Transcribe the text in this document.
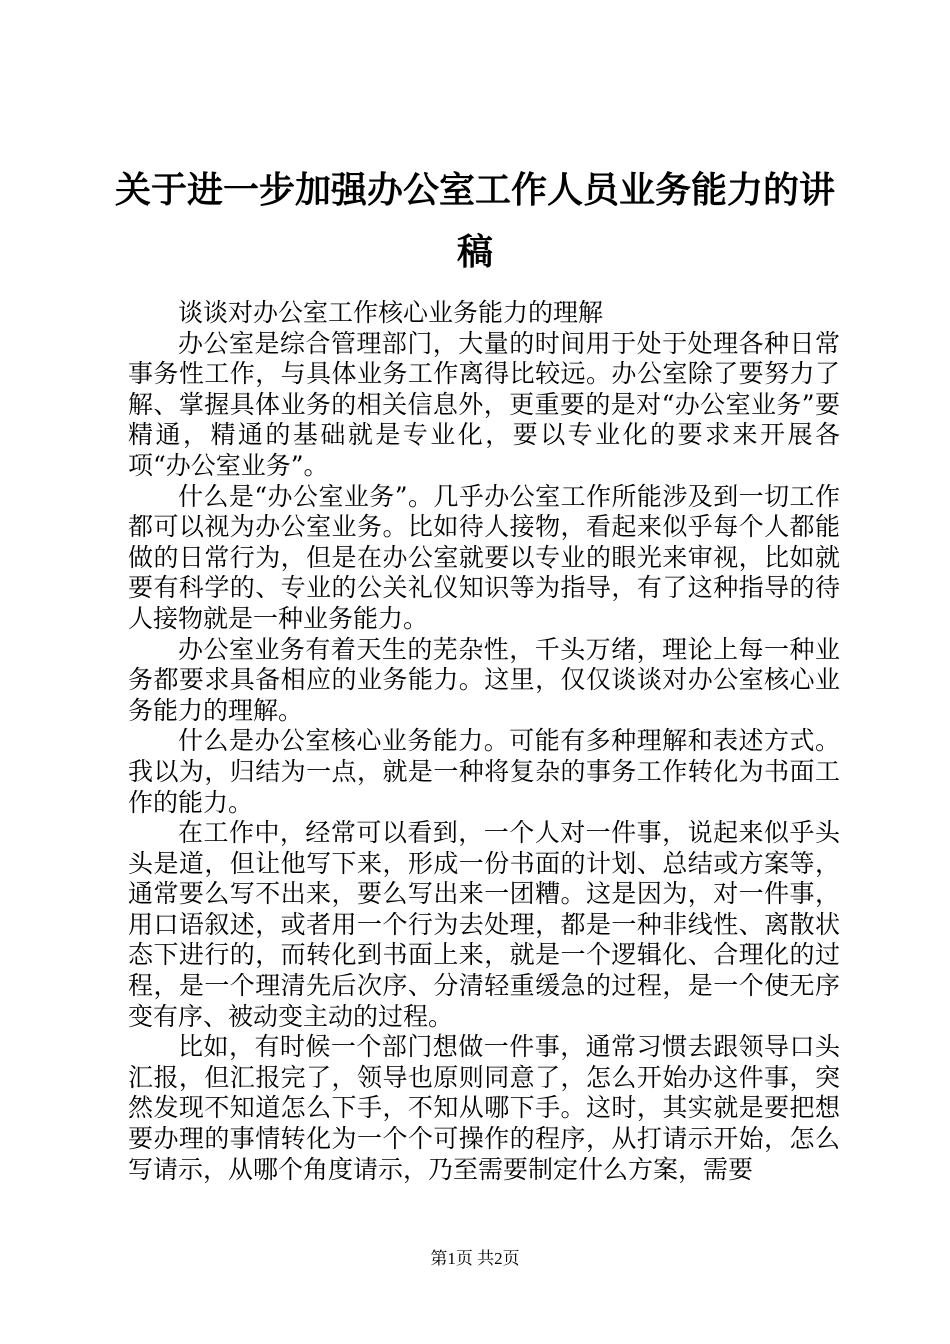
关于进一步加强办公室工作人员业务能力的讲稿

谈谈对办公室工作核心业务能力的理解

办公室是综合管理部门，大量的时间用于处于处理各种日常事务性工作，与具体业务工作离得比较远。办公室除了要努力了解、掌握具体业务的相关信息外，更重要的是对“办公室业务”要精通，精通的基础就是专业化，要以专业化的要求来开展各项“办公室业务”。

什么是“办公室业务”。几乎办公室工作所能涉及到一切工作都可以视为办公室业务。比如待人接物，看起来似乎每个人都能做的日常行为，但是在办公室就要以专业的眼光来审视，比如就要有科学的、专业的公关礼仪知识等为指导，有了这种指导的待人接物就是一种业务能力。

办公室业务有着天生的芜杂性，千头万绪，理论上每一种业务都要求具备相应的业务能力。这里，仅仅谈谈对办公室核心业务能力的理解。

什么是办公室核心业务能力。可能有多种理解和表述方式。我以为，归结为一点，就是一种将复杂的事务工作转化为书面工作的能力。

在工作中，经常可以看到，一个人对一件事，说起来似乎头头是道，但让他写下来，形成一份书面的计划、总结或方案等，通常要么写不出来，要么写出来一团糟。这是因为，对一件事，用口语叙述，或者用一个行为去处理，都是一种非线性、离散状态下进行的，而转化到书面上来，就是一个逻辑化、合理化的过程，是一个理清先后次序、分清轻重缓急的过程，是一个使无序变有序、被动变主动的过程。

比如，有时候一个部门想做一件事，通常习惯去跟领导口头汇报，但汇报完了，领导也原则同意了，怎么开始办这件事，突然发现不知道怎么下手，不知从哪下手。这时，其实就是要把想要办理的事情转化为一个个可操作的程序，从打请示开始，怎么写请示，从哪个角度请示，乃至需要制定什么方案，需要

第1页 共2页
